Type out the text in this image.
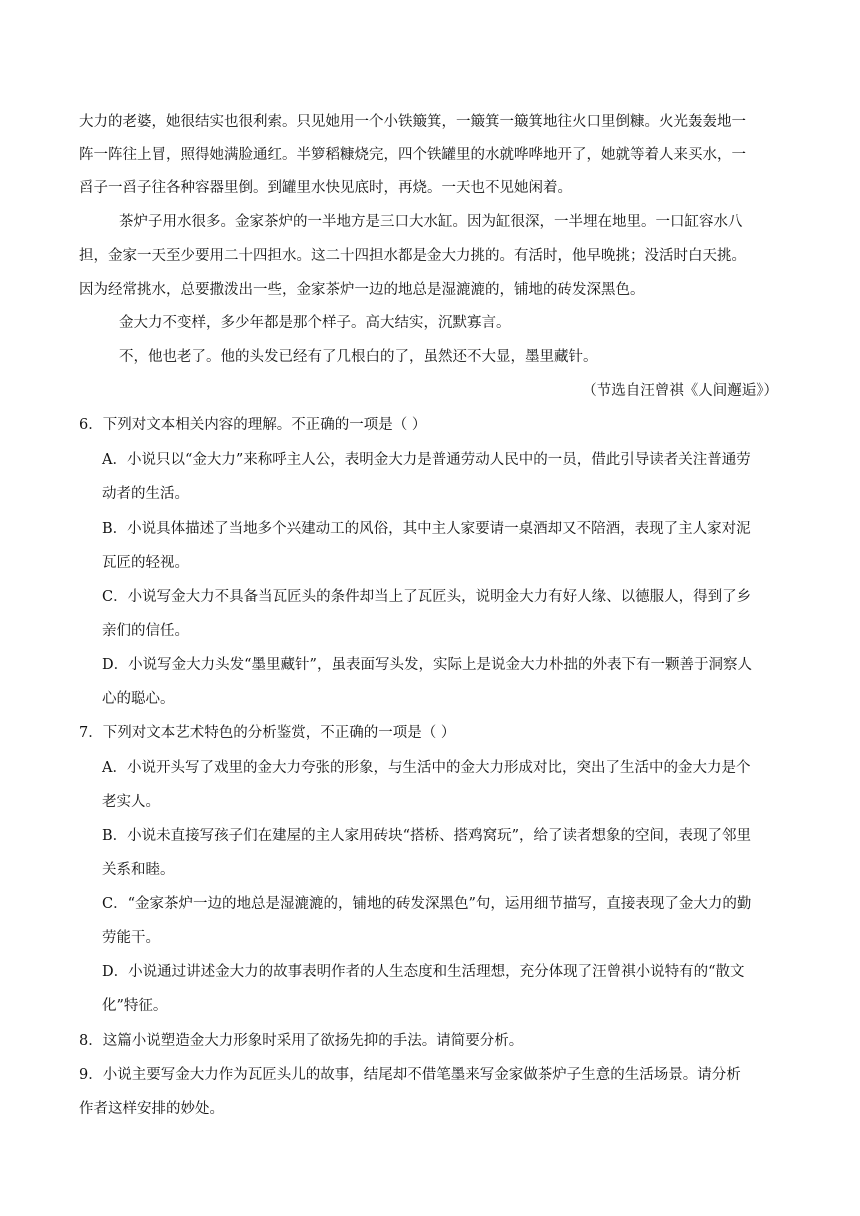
大力的老婆，她很结实也很利索。只见她用一个小铁簸箕，一簸箕一簸箕地往火口里倒糠。火光轰轰地一
阵一阵往上冒，照得她满脸通红。半箩稻糠烧完，四个铁罐里的水就哗哗地开了，她就等着人来买水，一
舀子一舀子往各种容器里倒。到罐里水快见底时，再烧。一天也不见她闲着。
茶炉子用水很多。金家茶炉的一半地方是三口大水缸。因为缸很深，一半埋在地里。一口缸容水八
担，金家一天至少要用二十四担水。这二十四担水都是金大力挑的。有活时，他早晚挑；没活时白天挑。
因为经常挑水，总要撒泼出一些，金家茶炉一边的地总是湿漉漉的，铺地的砖发深黑色。
金大力不变样，多少年都是那个样子。高大结实，沉默寡言。
不，他也老了。他的头发已经有了几根白的了，虽然还不大显，墨里藏针。
（节选自汪曾祺《人间邂逅》）
6．下列对文本相关内容的理解。不正确的一项是（ ）
A．小说只以“金大力”来称呼主人公，表明金大力是普通劳动人民中的一员，借此引导读者关注普通劳
动者的生活。
B．小说具体描述了当地多个兴建动工的风俗，其中主人家要请一桌酒却又不陪酒，表现了主人家对泥
瓦匠的轻视。
C．小说写金大力不具备当瓦匠头的条件却当上了瓦匠头，说明金大力有好人缘、以德服人，得到了乡
亲们的信任。
D．小说写金大力头发“墨里藏针”，虽表面写头发，实际上是说金大力朴拙的外表下有一颗善于洞察人
心的聪心。
7．下列对文本艺术特色的分析鉴赏，不正确的一项是（ ）
A．小说开头写了戏里的金大力夸张的形象，与生活中的金大力形成对比，突出了生活中的金大力是个
老实人。
B．小说未直接写孩子们在建屋的主人家用砖块“搭桥、搭鸡窝玩”，给了读者想象的空间，表现了邻里
关系和睦。
C．“金家茶炉一边的地总是湿漉漉的，铺地的砖发深黑色”句，运用细节描写，直接表现了金大力的勤
劳能干。
D．小说通过讲述金大力的故事表明作者的人生态度和生活理想，充分体现了汪曾祺小说特有的“散文
化”特征。
8．这篇小说塑造金大力形象时采用了欲扬先抑的手法。请简要分析。
9．小说主要写金大力作为瓦匠头儿的故事，结尾却不借笔墨来写金家做茶炉子生意的生活场景。请分析
作者这样安排的妙处。
